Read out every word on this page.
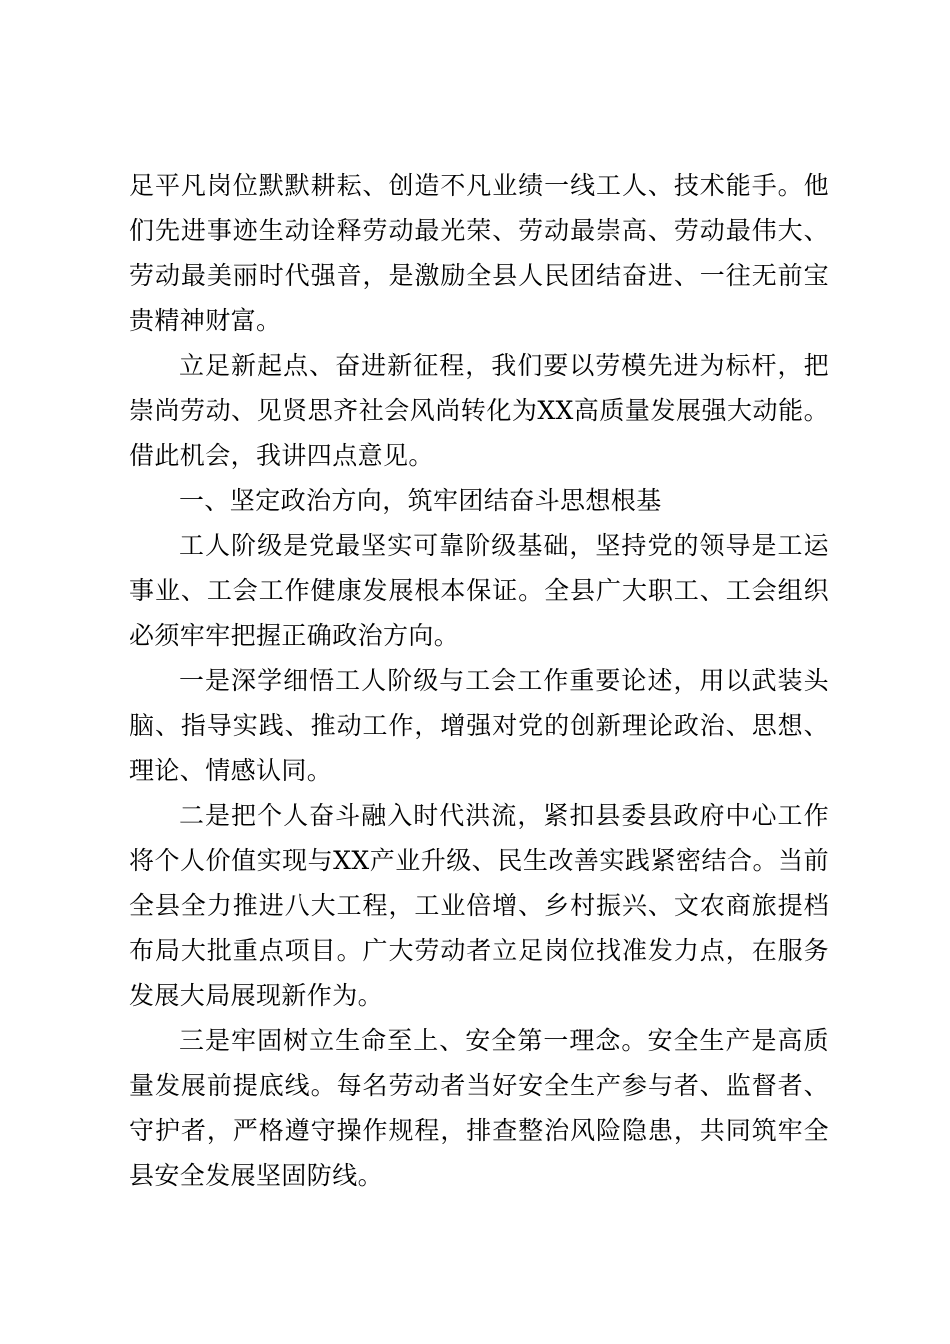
足平凡岗位默默耕耘、创造不凡业绩一线工人、技术能手。他们先进事迹生动诠释劳动最光荣、劳动最崇高、劳动最伟大、劳动最美丽时代强音，是激励全县人民团结奋进、一往无前宝贵精神财富。

立足新起点、奋进新征程，我们要以劳模先进为标杆，把崇尚劳动、见贤思齐社会风尚转化为XX高质量发展强大动能。借此机会，我讲四点意见。

一、坚定政治方向，筑牢团结奋斗思想根基

工人阶级是党最坚实可靠阶级基础，坚持党的领导是工运事业、工会工作健康发展根本保证。全县广大职工、工会组织必须牢牢把握正确政治方向。

一是深学细悟工人阶级与工会工作重要论述，用以武装头脑、指导实践、推动工作，增强对党的创新理论政治、思想、理论、情感认同。

二是把个人奋斗融入时代洪流，紧扣县委县政府中心工作将个人价值实现与XX产业升级、民生改善实践紧密结合。当前全县全力推进八大工程，工业倍增、乡村振兴、文农商旅提档布局大批重点项目。广大劳动者立足岗位找准发力点，在服务发展大局展现新作为。

三是牢固树立生命至上、安全第一理念。安全生产是高质量发展前提底线。每名劳动者当好安全生产参与者、监督者、守护者，严格遵守操作规程，排查整治风险隐患，共同筑牢全县安全发展坚固防线。
